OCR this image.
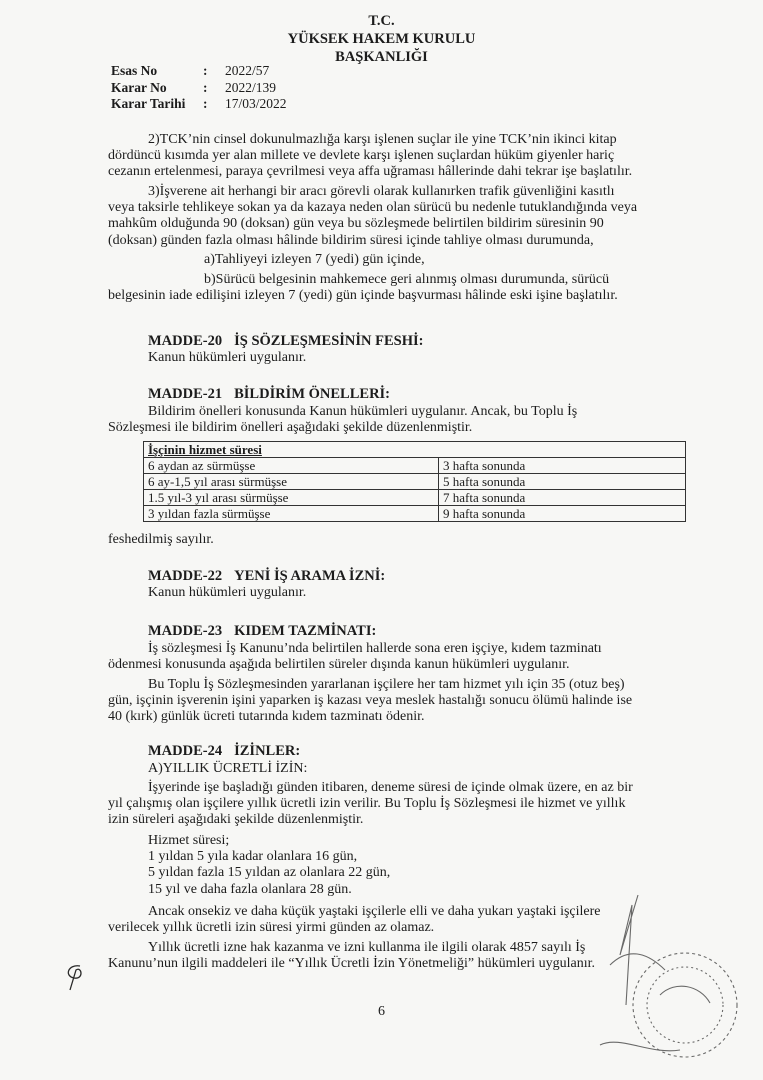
T.C.
YÜKSEK HAKEM KURULU
BAŞKANLIĞI
Esas No	:	2022/57
Karar No	:	2022/139
Karar Tarihi	:	17/03/2022
2)TCK’nin cinsel dokunulmazlığa karşı işlenen suçlar ile yine TCK’nin ikinci kitap
dördüncü kısımda yer alan millete ve devlete karşı işlenen suçlardan hüküm giyenler hariç
cezanın ertelenmesi, paraya çevrilmesi veya affa uğraması hâllerinde dahi tekrar işe başlatılır.
3)İşverene ait herhangi bir aracı görevli olarak kullanırken trafik güvenliğini kasıtlı
veya taksirle tehlikeye sokan ya da kazaya neden olan sürücü bu nedenle tutuklandığında veya
mahkûm olduğunda 90 (doksan) gün veya bu sözleşmede belirtilen bildirim süresinin 90
(doksan) günden fazla olması hâlinde bildirim süresi içinde tahliye olması durumunda,
a)Tahliyeyi izleyen 7 (yedi) gün içinde,
b)Sürücü belgesinin mahkemece geri alınmış olması durumunda, sürücü
belgesinin iade edilişini izleyen 7 (yedi) gün içinde başvurması hâlinde eski işine başlatılır.
MADDE-20 İŞ SÖZLEŞMESİNİN FESHİ:
Kanun hükümleri uygulanır.
MADDE-21 BİLDİRİM ÖNELLERİ:
Bildirim önelleri konusunda Kanun hükümleri uygulanır. Ancak, bu Toplu İş
Sözleşmesi ile bildirim önelleri aşağıdaki şekilde düzenlenmiştir.
İşçinin hizmet süresi	
6 aydan az sürmüşse	3 hafta sonunda
6 ay-1,5 yıl arası sürmüşse	5 hafta sonunda
1.5 yıl-3 yıl arası sürmüşse	7 hafta sonunda
3 yıldan fazla sürmüşse	9 hafta sonunda
feshedilmiş sayılır.
MADDE-22 YENİ İŞ ARAMA İZNİ:
Kanun hükümleri uygulanır.
MADDE-23 KIDEM TAZMİNATI:
İş sözleşmesi İş Kanunu’nda belirtilen hallerde sona eren işçiye, kıdem tazminatı
ödenmesi konusunda aşağıda belirtilen süreler dışında kanun hükümleri uygulanır.
Bu Toplu İş Sözleşmesinden yararlanan işçilere her tam hizmet yılı için 35 (otuz beş)
gün, işçinin işverenin işini yaparken iş kazası veya meslek hastalığı sonucu ölümü halinde ise
40 (kırk) günlük ücreti tutarında kıdem tazminatı ödenir.
MADDE-24 İZİNLER:
A)YILLIK ÜCRETLİ İZİN:
İşyerinde işe başladığı günden itibaren, deneme süresi de içinde olmak üzere, en az bir
yıl çalışmış olan işçilere yıllık ücretli izin verilir. Bu Toplu İş Sözleşmesi ile hizmet ve yıllık
izin süreleri aşağıdaki şekilde düzenlenmiştir.
Hizmet süresi;
1 yıldan 5 yıla kadar olanlara 16 gün,
5 yıldan fazla 15 yıldan az olanlara 22 gün,
15 yıl ve daha fazla olanlara 28 gün.
Ancak onsekiz ve daha küçük yaştaki işçilerle elli ve daha yukarı yaştaki işçilere
verilecek yıllık ücretli izin süresi yirmi günden az olamaz.
Yıllık ücretli izne hak kazanma ve izni kullanma ile ilgili olarak 4857 sayılı İş
Kanunu’nun ilgili maddeleri ile “Yıllık Ücretli İzin Yönetmeliği” hükümleri uygulanır.
6
